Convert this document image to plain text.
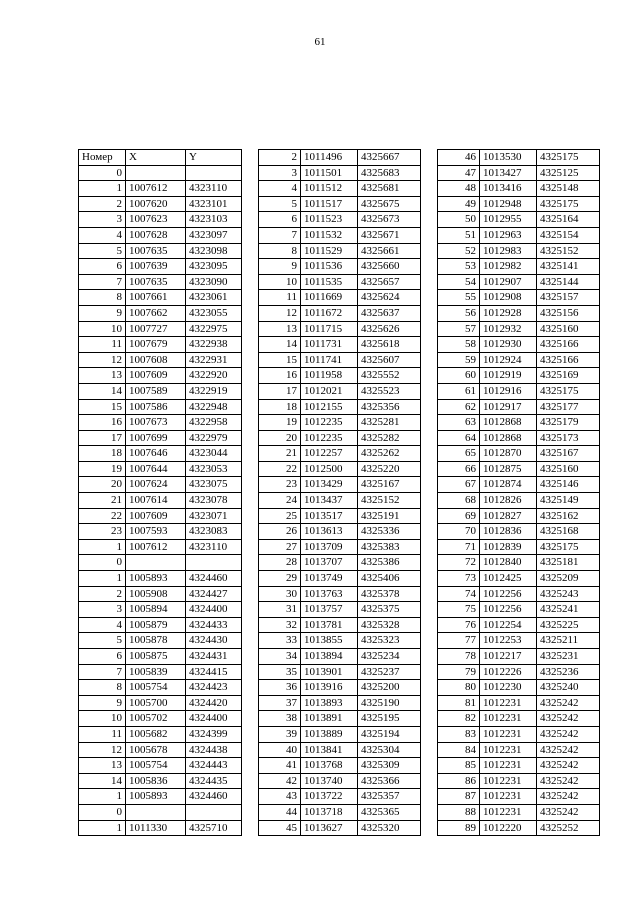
61
Номер	X	Y
0		
1	1007612	4323110
2	1007620	4323101
3	1007623	4323103
4	1007628	4323097
5	1007635	4323098
6	1007639	4323095
7	1007635	4323090
8	1007661	4323061
9	1007662	4323055
10	1007727	4322975
11	1007679	4322938
12	1007608	4322931
13	1007609	4322920
14	1007589	4322919
15	1007586	4322948
16	1007673	4322958
17	1007699	4322979
18	1007646	4323044
19	1007644	4323053
20	1007624	4323075
21	1007614	4323078
22	1007609	4323071
23	1007593	4323083
1	1007612	4323110
0		
1	1005893	4324460
2	1005908	4324427
3	1005894	4324400
4	1005879	4324433
5	1005878	4324430
6	1005875	4324431
7	1005839	4324415
8	1005754	4324423
9	1005700	4324420
10	1005702	4324400
11	1005682	4324399
12	1005678	4324438
13	1005754	4324443
14	1005836	4324435
1	1005893	4324460
0		
1	1011330	4325710
2	1011496	4325667
3	1011501	4325683
4	1011512	4325681
5	1011517	4325675
6	1011523	4325673
7	1011532	4325671
8	1011529	4325661
9	1011536	4325660
10	1011535	4325657
11	1011669	4325624
12	1011672	4325637
13	1011715	4325626
14	1011731	4325618
15	1011741	4325607
16	1011958	4325552
17	1012021	4325523
18	1012155	4325356
19	1012235	4325281
20	1012235	4325282
21	1012257	4325262
22	1012500	4325220
23	1013429	4325167
24	1013437	4325152
25	1013517	4325191
26	1013613	4325336
27	1013709	4325383
28	1013707	4325386
29	1013749	4325406
30	1013763	4325378
31	1013757	4325375
32	1013781	4325328
33	1013855	4325323
34	1013894	4325234
35	1013901	4325237
36	1013916	4325200
37	1013893	4325190
38	1013891	4325195
39	1013889	4325194
40	1013841	4325304
41	1013768	4325309
42	1013740	4325366
43	1013722	4325357
44	1013718	4325365
45	1013627	4325320
46	1013530	4325175
47	1013427	4325125
48	1013416	4325148
49	1012948	4325175
50	1012955	4325164
51	1012963	4325154
52	1012983	4325152
53	1012982	4325141
54	1012907	4325144
55	1012908	4325157
56	1012928	4325156
57	1012932	4325160
58	1012930	4325166
59	1012924	4325166
60	1012919	4325169
61	1012916	4325175
62	1012917	4325177
63	1012868	4325179
64	1012868	4325173
65	1012870	4325167
66	1012875	4325160
67	1012874	4325146
68	1012826	4325149
69	1012827	4325162
70	1012836	4325168
71	1012839	4325175
72	1012840	4325181
73	1012425	4325209
74	1012256	4325243
75	1012256	4325241
76	1012254	4325225
77	1012253	4325211
78	1012217	4325231
79	1012226	4325236
80	1012230	4325240
81	1012231	4325242
82	1012231	4325242
83	1012231	4325242
84	1012231	4325242
85	1012231	4325242
86	1012231	4325242
87	1012231	4325242
88	1012231	4325242
89	1012220	4325252
